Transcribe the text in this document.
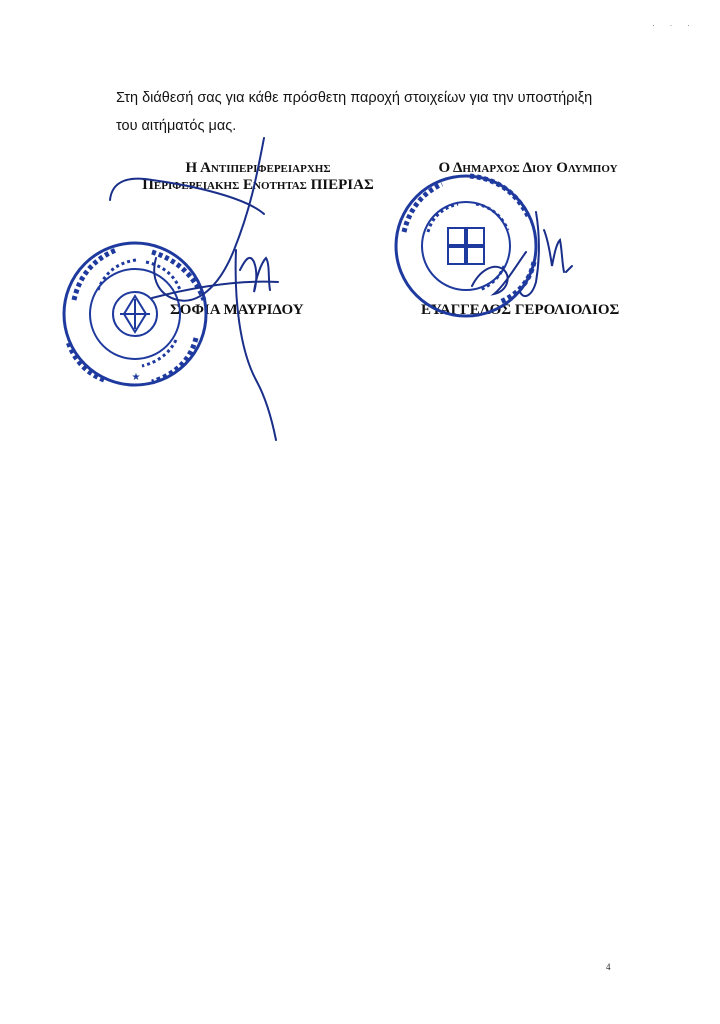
· · ·

Στη διάθεσή σας για κάθε πρόσθετη παροχή στοιχείων για την υποστήριξη του αιτήματός μας.

Η Αντιπεριφερειαρχης
Περιφερειακης Ενοτητας ΠΙΕΡΙΑΣ
ΣΟΦΙΑ ΜΑΥΡΙΔΟΥ
Ο Δημαρχος Διου Ολυμπου
ΕΥΑΓΓΕΛΟΣ ΓΕΡΟΛΙΟΛΙΟΣ
★
4
